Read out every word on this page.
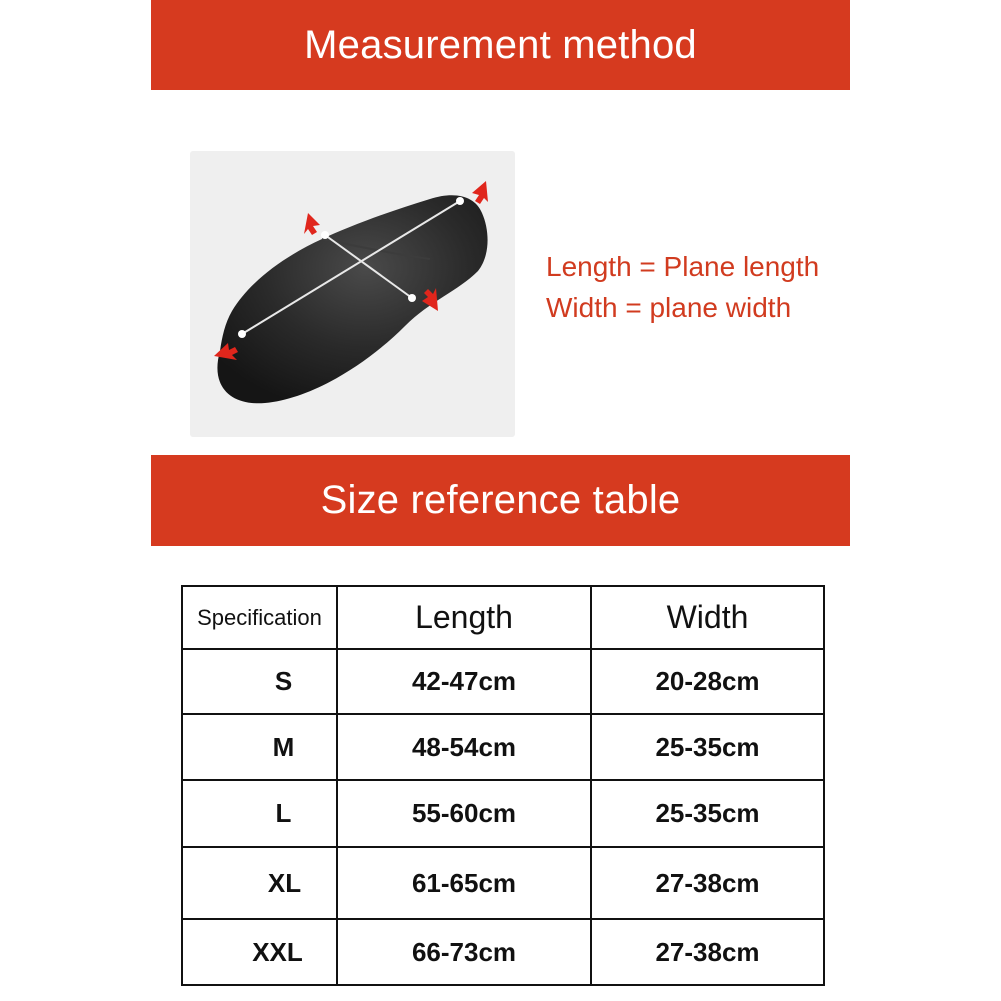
Measurement method
Length = Plane length
Width = plane width
Size reference table
Specification	Length	Width
S	42-47cm	20-28cm
M	48-54cm	25-35cm
L	55-60cm	25-35cm
XL	61-65cm	27-38cm
XXL	66-73cm	27-38cm
